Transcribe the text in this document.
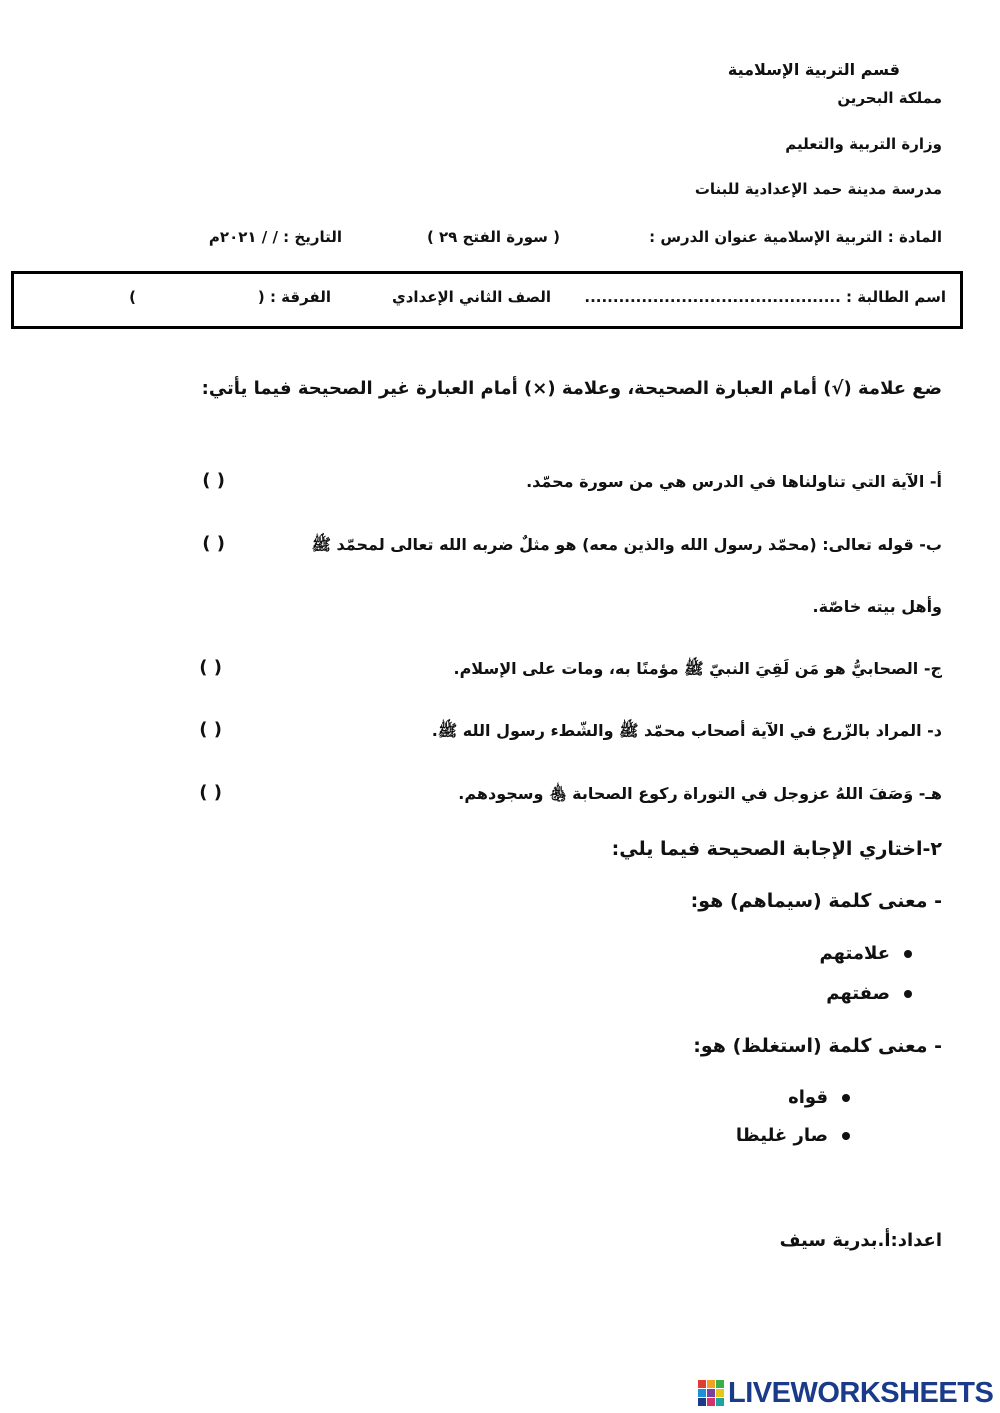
قسم التربية الإسلامية
مملكة البحرين
وزارة التربية والتعليم
مدرسة مدينة حمد الإعدادية للبنات
المادة : التربية الإسلامية عنوان الدرس :
( سورة الفتح ٢٩ )
التاريخ : / / ٢٠٢١م
اسم الطالبة : .............................................
الصف الثاني الإعدادي
الفرقة : (
)
ضع علامة (√) أمام العبارة الصحيحة، وعلامة (×) أمام العبارة غير الصحيحة فيما يأتي:
أ- الآية التي تناولناها في الدرس هي من سورة محمّد.
( )
ب- قوله تعالى: (محمّد رسول الله والذين معه) هو مثلٌ ضربه الله تعالى لمحمّد ﷺ
( )
وأهل بيته خاصّة.
ج- الصحابيُّ هو مَن لَقِيَ النبيّ ﷺ مؤمنًا به، ومات على الإسلام.
( )
د- المراد بالزّرع في الآية أصحاب محمّد ﷺ والشّطء رسول الله ﷺ.
( )
هـ- وَصَفَ اللهُ عزوجل في التوراة ركوع الصحابة ﵃ وسجودهم.
( )
٢-اختاري الإجابة الصحيحة فيما يلي:
- معنى كلمة (سيماهم) هو:
علامتهم
صفتهم
- معنى كلمة (استغلظ) هو:
قواه
صار غليظا
اعداد:أ.بدرية سيف
LIVEWORKSHEETS
